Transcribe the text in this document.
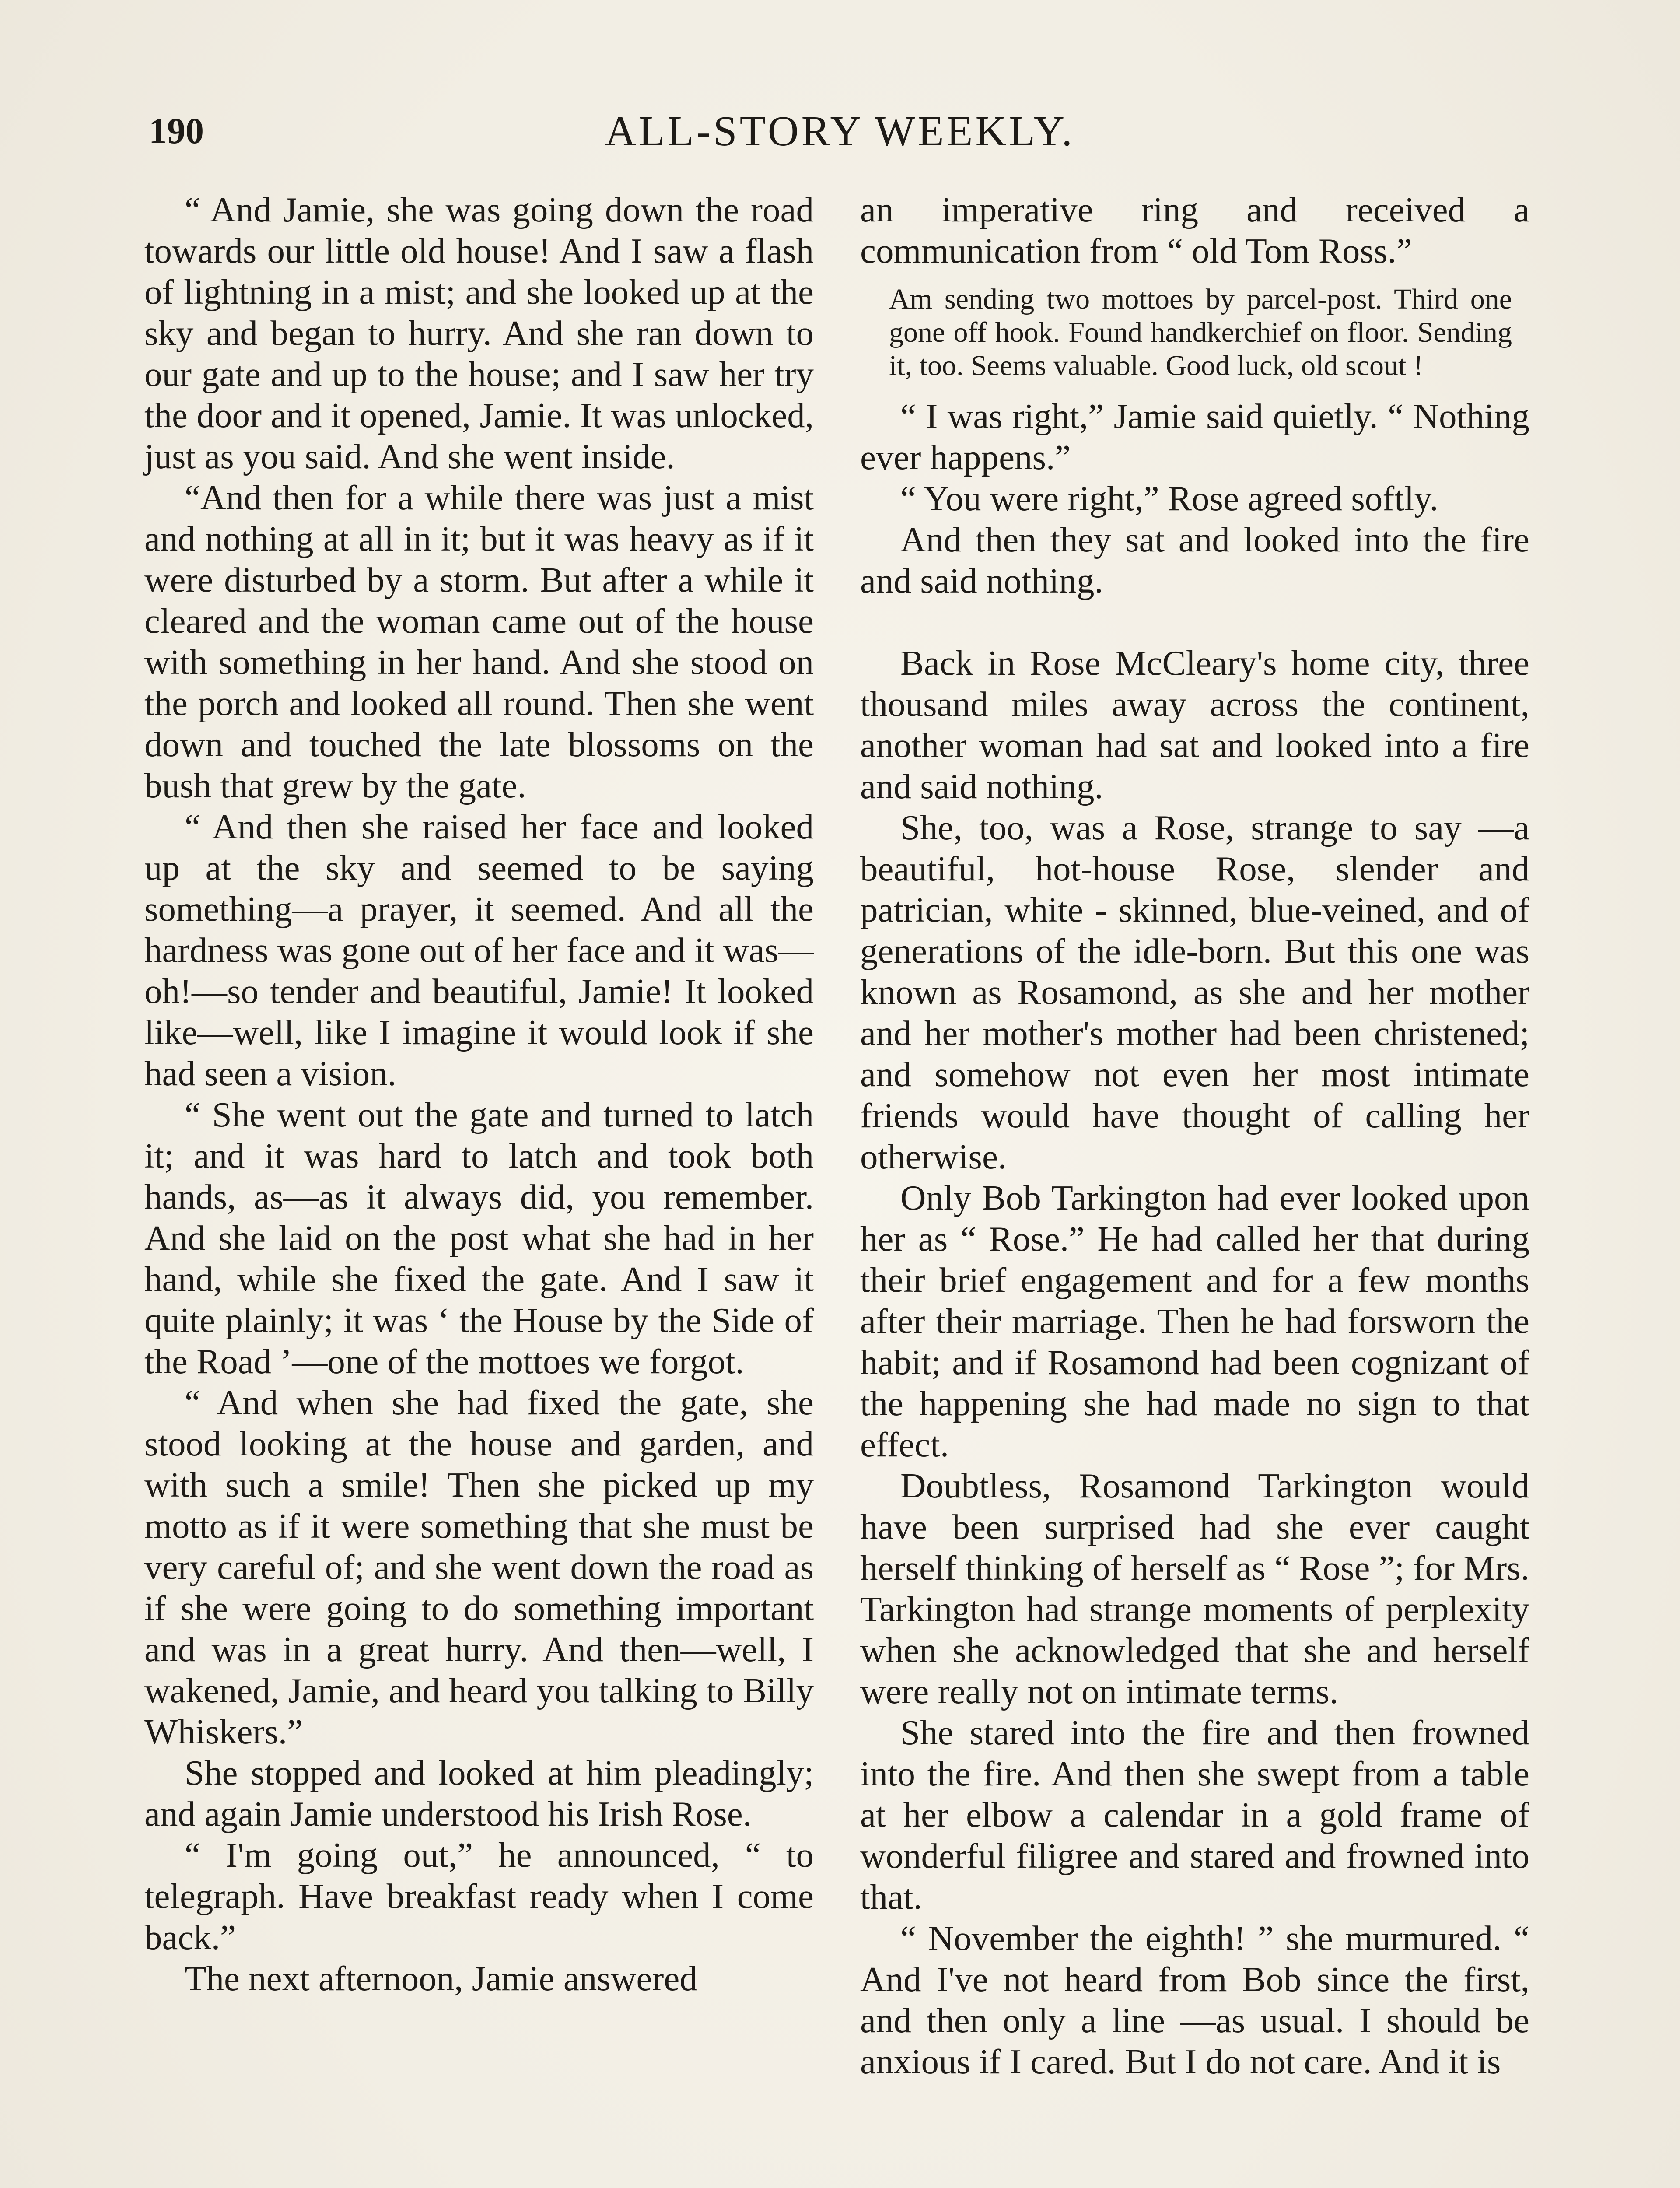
190	ALL-STORY WEEKLY.

“ And Jamie, she was going down the road towards our little old house! And I saw a flash of lightning in a mist; and she looked up at the sky and began to hurry. And she ran down to our gate and up to the house; and I saw her try the door and it opened, Jamie. It was unlocked, just as you said. And she went inside.

“And then for a while there was just a mist and nothing at all in it; but it was heavy as if it were disturbed by a storm. But after a while it cleared and the woman came out of the house with something in her hand. And she stood on the porch and looked all round. Then she went down and touched the late blossoms on the bush that grew by the gate.

“ And then she raised her face and looked up at the sky and seemed to be saying something—a prayer, it seemed. And all the hardness was gone out of her face and it was—oh!—so tender and beautiful, Jamie! It looked like—well, like I imagine it would look if she had seen a vision.

“ She went out the gate and turned to latch it; and it was hard to latch and took both hands, as—as it always did, you remember. And she laid on the post what she had in her hand, while she fixed the gate. And I saw it quite plainly; it was ‘ the House by the Side of the Road ’—one of the mottoes we forgot.

“ And when she had fixed the gate, she stood looking at the house and garden, and with such a smile! Then she picked up my motto as if it were something that she must be very careful of; and she went down the road as if she were going to do something important and was in a great hurry. And then—well, I wakened, Jamie, and heard you talking to Billy Whiskers.”

She stopped and looked at him pleadingly; and again Jamie understood his Irish Rose.

“ I'm going out,” he announced, “ to telegraph. Have breakfast ready when I come back.”

The next afternoon, Jamie answered

an imperative ring and received a communication from “ old Tom Ross.”

Am sending two mottoes by parcel-post. Third one gone off hook. Found handkerchief on floor. Sending it, too. Seems valuable. Good luck, old scout !

“ I was right,” Jamie said quietly. “ Nothing ever happens.”

“ You were right,” Rose agreed softly.

And then they sat and looked into the fire and said nothing.

Back in Rose McCleary's home city, three thousand miles away across the continent, another woman had sat and looked into a fire and said nothing.

She, too, was a Rose, strange to say —a beautiful, hot-house Rose, slender and patrician, white - skinned, blue-veined, and of generations of the idle-born. But this one was known as Rosamond, as she and her mother and her mother's mother had been christened; and somehow not even her most intimate friends would have thought of calling her otherwise.

Only Bob Tarkington had ever looked upon her as “ Rose.” He had called her that during their brief engagement and for a few months after their marriage. Then he had forsworn the habit; and if Rosamond had been cognizant of the happening she had made no sign to that effect.

Doubtless, Rosamond Tarkington would have been surprised had she ever caught herself thinking of herself as “ Rose ”; for Mrs. Tarkington had strange moments of perplexity when she acknowledged that she and herself were really not on intimate terms.

She stared into the fire and then frowned into the fire. And then she swept from a table at her elbow a calendar in a gold frame of wonderful filigree and stared and frowned into that.

“ November the eighth! ” she murmured. “ And I've not heard from Bob since the first, and then only a line —as usual. I should be anxious if I cared. But I do not care. And it is
